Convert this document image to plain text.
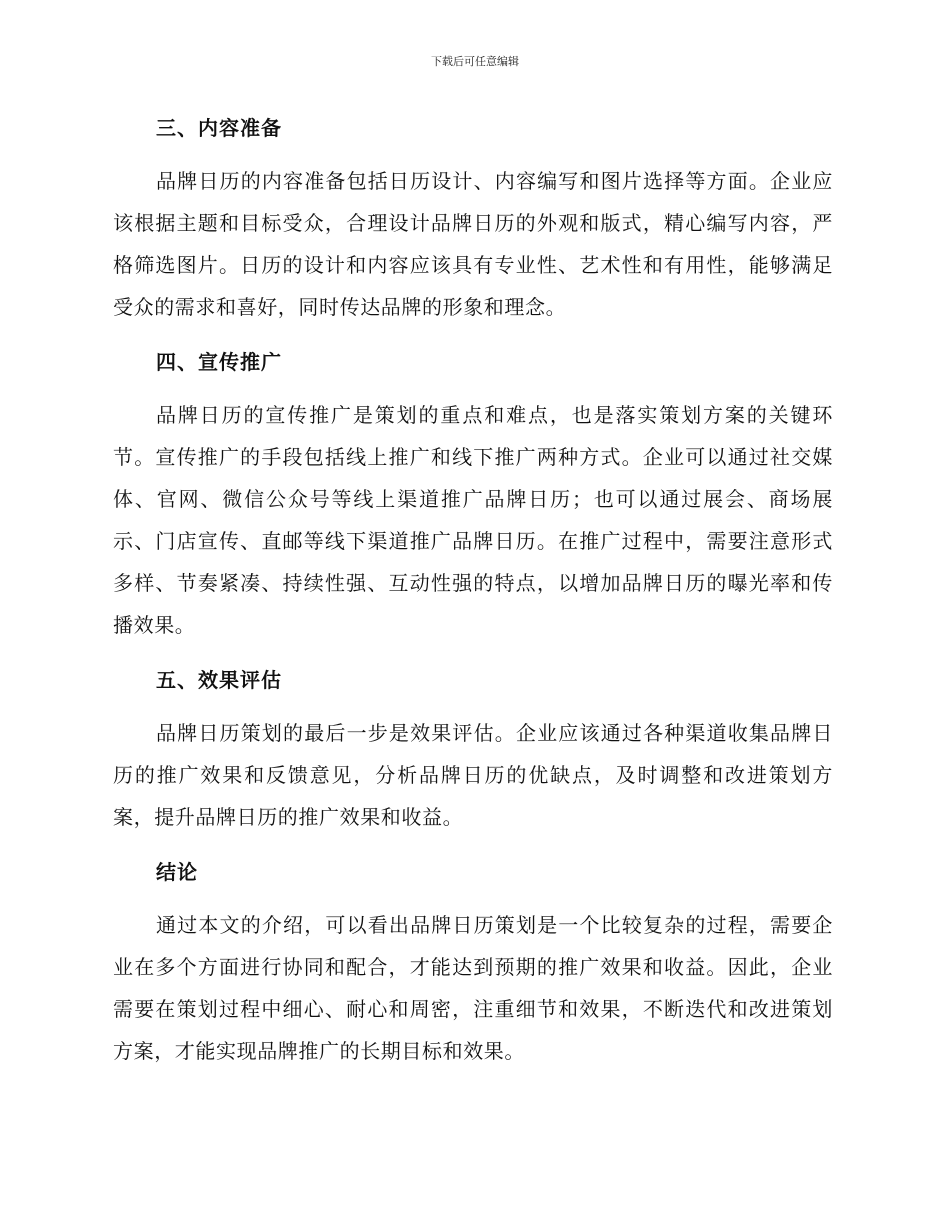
下载后可任意编辑
三、内容准备

品牌日历的内容准备包括日历设计、内容编写和图片选择等方面。企业应该根据主题和目标受众，合理设计品牌日历的外观和版式，精心编写内容，严格筛选图片。日历的设计和内容应该具有专业性、艺术性和有用性，能够满足受众的需求和喜好，同时传达品牌的形象和理念。

四、宣传推广

品牌日历的宣传推广是策划的重点和难点，也是落实策划方案的关键环节。宣传推广的手段包括线上推广和线下推广两种方式。企业可以通过社交媒体、官网、微信公众号等线上渠道推广品牌日历；也可以通过展会、商场展示、门店宣传、直邮等线下渠道推广品牌日历。在推广过程中，需要注意形式多样、节奏紧凑、持续性强、互动性强的特点，以增加品牌日历的曝光率和传播效果。

五、效果评估

品牌日历策划的最后一步是效果评估。企业应该通过各种渠道收集品牌日历的推广效果和反馈意见，分析品牌日历的优缺点，及时调整和改进策划方案，提升品牌日历的推广效果和收益。

结论

通过本文的介绍，可以看出品牌日历策划是一个比较复杂的过程，需要企业在多个方面进行协同和配合，才能达到预期的推广效果和收益。因此，企业需要在策划过程中细心、耐心和周密，注重细节和效果，不断迭代和改进策划方案，才能实现品牌推广的长期目标和效果。
